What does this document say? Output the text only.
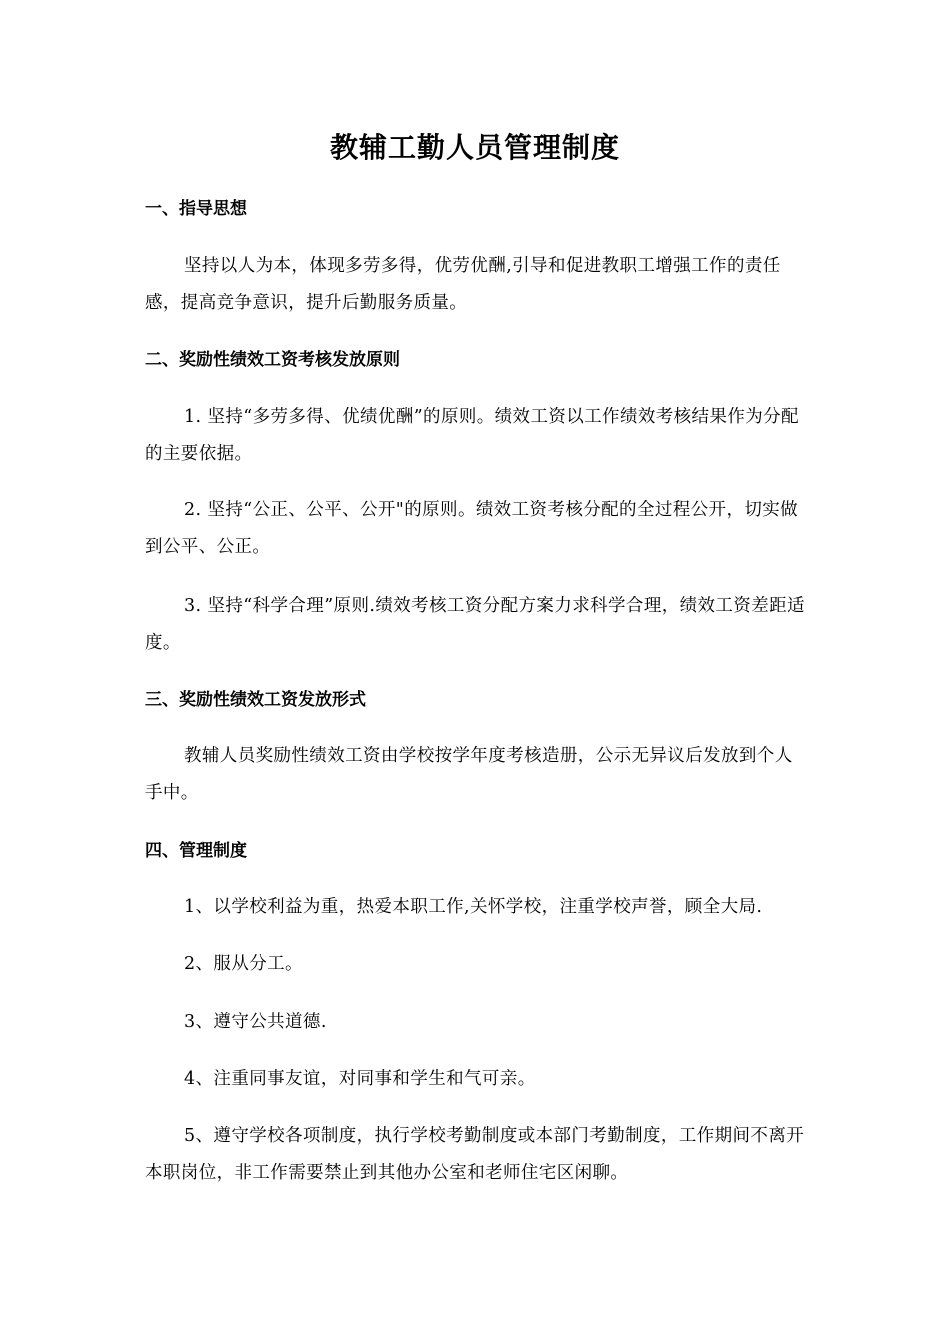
教辅工勤人员管理制度
一、指导思想

坚持以人为本，体现多劳多得，优劳优酬,引导和促进教职工增强工作的责任感，提高竞争意识，提升后勤服务质量。

二、奖励性绩效工资考核发放原则

1. 坚持“多劳多得、优绩优酬”的原则。绩效工资以工作绩效考核结果作为分配的主要依据。

2. 坚持“公正、公平、公开"的原则。绩效工资考核分配的全过程公开，切实做到公平、公正。

3. 坚持“科学合理”原则.绩效考核工资分配方案力求科学合理，绩效工资差距适度。

三、奖励性绩效工资发放形式

教辅人员奖励性绩效工资由学校按学年度考核造册，公示无异议后发放到个人手中。

四、管理制度

1、以学校利益为重，热爱本职工作,关怀学校，注重学校声誉，顾全大局.

2、服从分工。

3、遵守公共道德.

4、注重同事友谊，对同事和学生和气可亲。

5、遵守学校各项制度，执行学校考勤制度或本部门考勤制度，工作期间不离开本职岗位，非工作需要禁止到其他办公室和老师住宅区闲聊。
